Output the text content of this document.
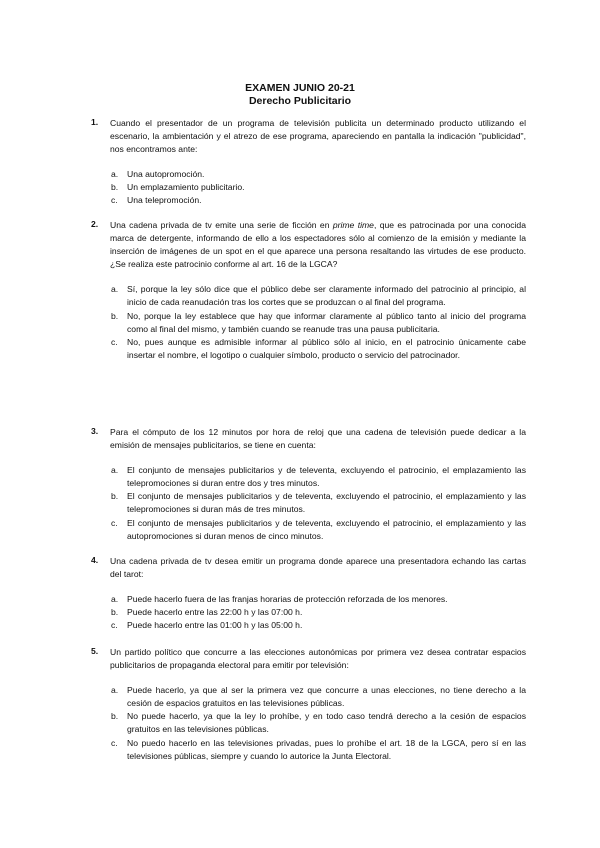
EXAMEN JUNIO 20-21

Derecho Publicitario

1. Cuando el presentador de un programa de televisión publicita un determinado producto utilizando el escenario, la ambientación y el atrezo de ese programa, apareciendo en pantalla la indicación "publicidad", nos encontramos ante:

a. Una autopromoción.
b. Un emplazamiento publicitario.
c. Una telepromoción.
2. Una cadena privada de tv emite una serie de ficción en prime time, que es patrocinada por una conocida marca de detergente, informando de ello a los espectadores sólo al comienzo de la emisión y mediante la inserción de imágenes de un spot en el que aparece una persona resaltando las virtudes de ese producto. ¿Se realiza este patrocinio conforme al art. 16 de la LGCA?

a. Sí, porque la ley sólo dice que el público debe ser claramente informado del patrocinio al principio, al inicio de cada reanudación tras los cortes que se produzcan o al final del programa.
b. No, porque la ley establece que hay que informar claramente al público tanto al inicio del programa como al final del mismo, y también cuando se reanude tras una pausa publicitaria.
c. No, pues aunque es admisible informar al público sólo al inicio, en el patrocinio únicamente cabe insertar el nombre, el logotipo o cualquier símbolo, producto o servicio del patrocinador.
3. Para el cómputo de los 12 minutos por hora de reloj que una cadena de televisión puede dedicar a la emisión de mensajes publicitarios, se tiene en cuenta:

a. El conjunto de mensajes publicitarios y de televenta, excluyendo el patrocinio, el emplazamiento las telepromociones si duran entre dos y tres minutos.
b. El conjunto de mensajes publicitarios y de televenta, excluyendo el patrocinio, el emplazamiento y las telepromociones si duran más de tres minutos.
c. El conjunto de mensajes publicitarios y de televenta, excluyendo el patrocinio, el emplazamiento y las autopromociones si duran menos de cinco minutos.
4. Una cadena privada de tv desea emitir un programa donde aparece una presentadora echando las cartas del tarot:

a. Puede hacerlo fuera de las franjas horarias de protección reforzada de los menores.
b. Puede hacerlo entre las 22:00 h y las 07:00 h.
c. Puede hacerlo entre las 01:00 h y las 05:00 h.
5. Un partido político que concurre a las elecciones autonómicas por primera vez desea contratar espacios publicitarios de propaganda electoral para emitir por televisión:

a. Puede hacerlo, ya que al ser la primera vez que concurre a unas elecciones, no tiene derecho a la cesión de espacios gratuitos en las televisiones públicas.
b. No puede hacerlo, ya que la ley lo prohíbe, y en todo caso tendrá derecho a la cesión de espacios gratuitos en las televisiones públicas.
c. No puedo hacerlo en las televisiones privadas, pues lo prohíbe el art. 18 de la LGCA, pero sí en las televisiones públicas, siempre y cuando lo autorice la Junta Electoral.
